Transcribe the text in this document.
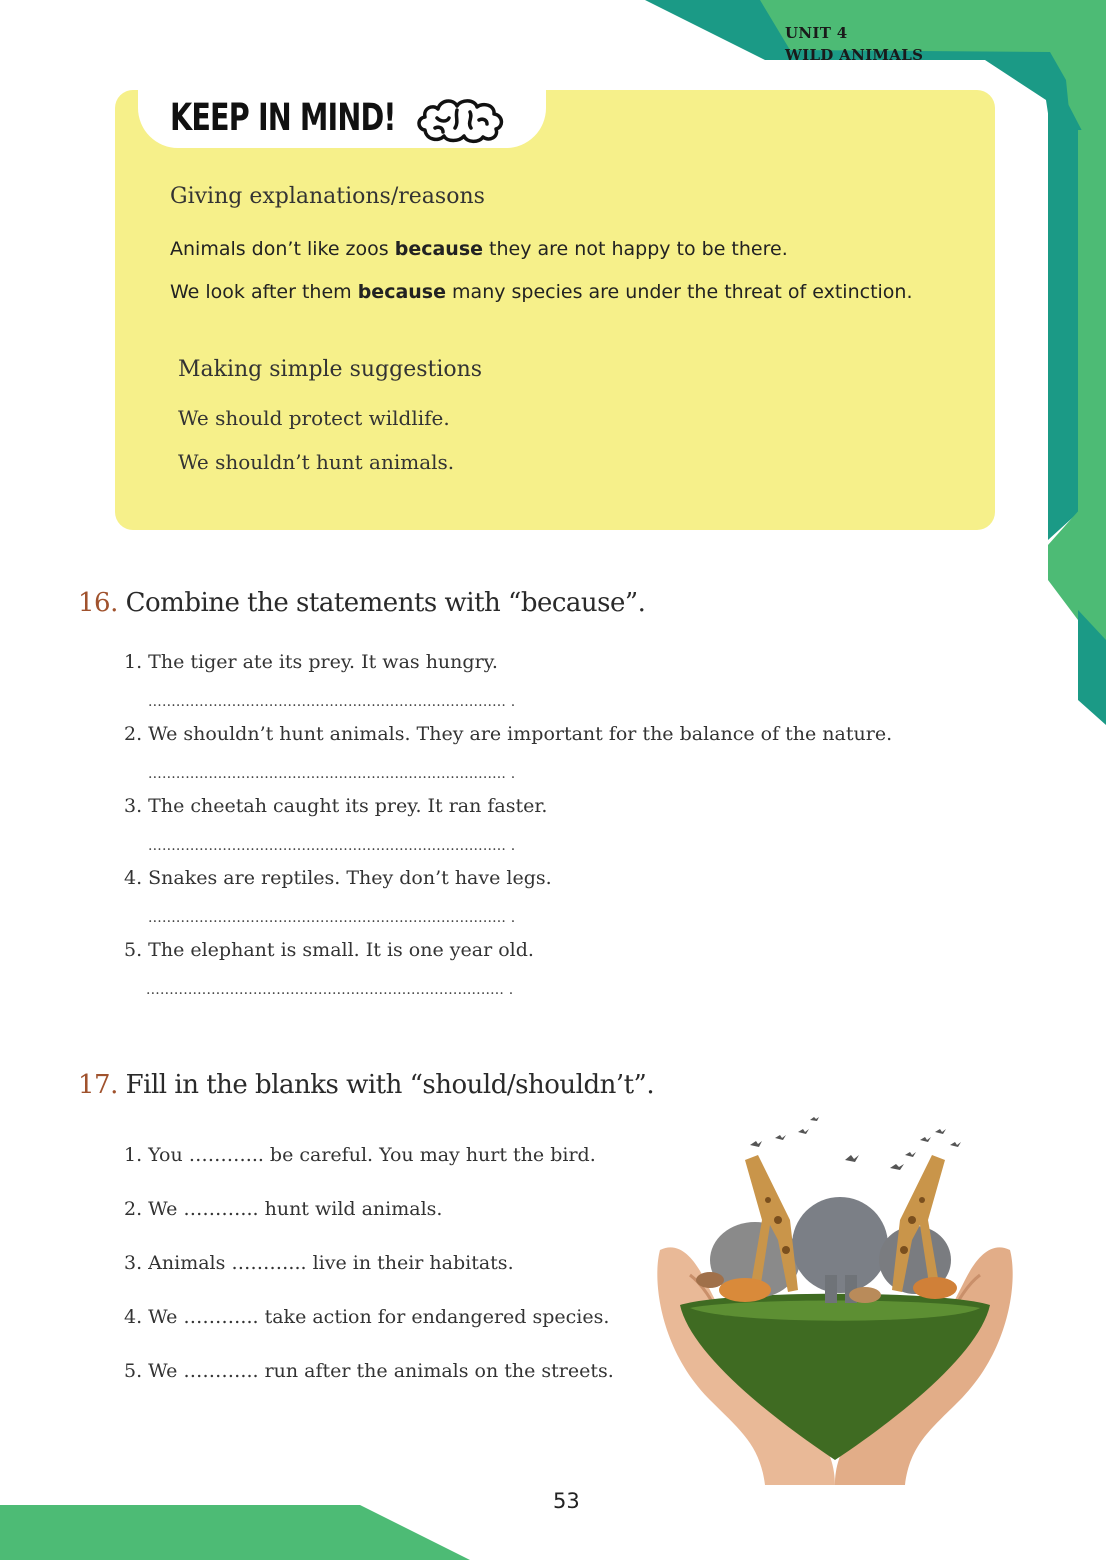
UNIT 4
WILD ANIMALS
KEEP IN MIND!
Giving explanations/reasons
Animals don’t like zoos because they are not happy to be there.
We look after them because many species are under the threat of extinction.
Making simple suggestions
We should protect wildlife.
We shouldn’t hunt animals.
16. Combine the statements with “because”.
1. The tiger ate its prey. It was hungry.
............................................................................. .
2. We shouldn’t hunt animals. They are important for the balance of the nature.
............................................................................. .
3. The cheetah caught its prey. It ran faster.
............................................................................. .
4. Snakes are reptiles. They don’t have legs.
............................................................................. .
5. The elephant is small. It is one year old.
............................................................................. .
17. Fill in the blanks with “should/shouldn’t”.
1. You ………... be careful. You may hurt the bird.
2. We ………... hunt wild animals.
3. Animals ………... live in their habitats.
4. We ………... take action for endangered species.
5. We ………... run after the animals on the streets.
53
